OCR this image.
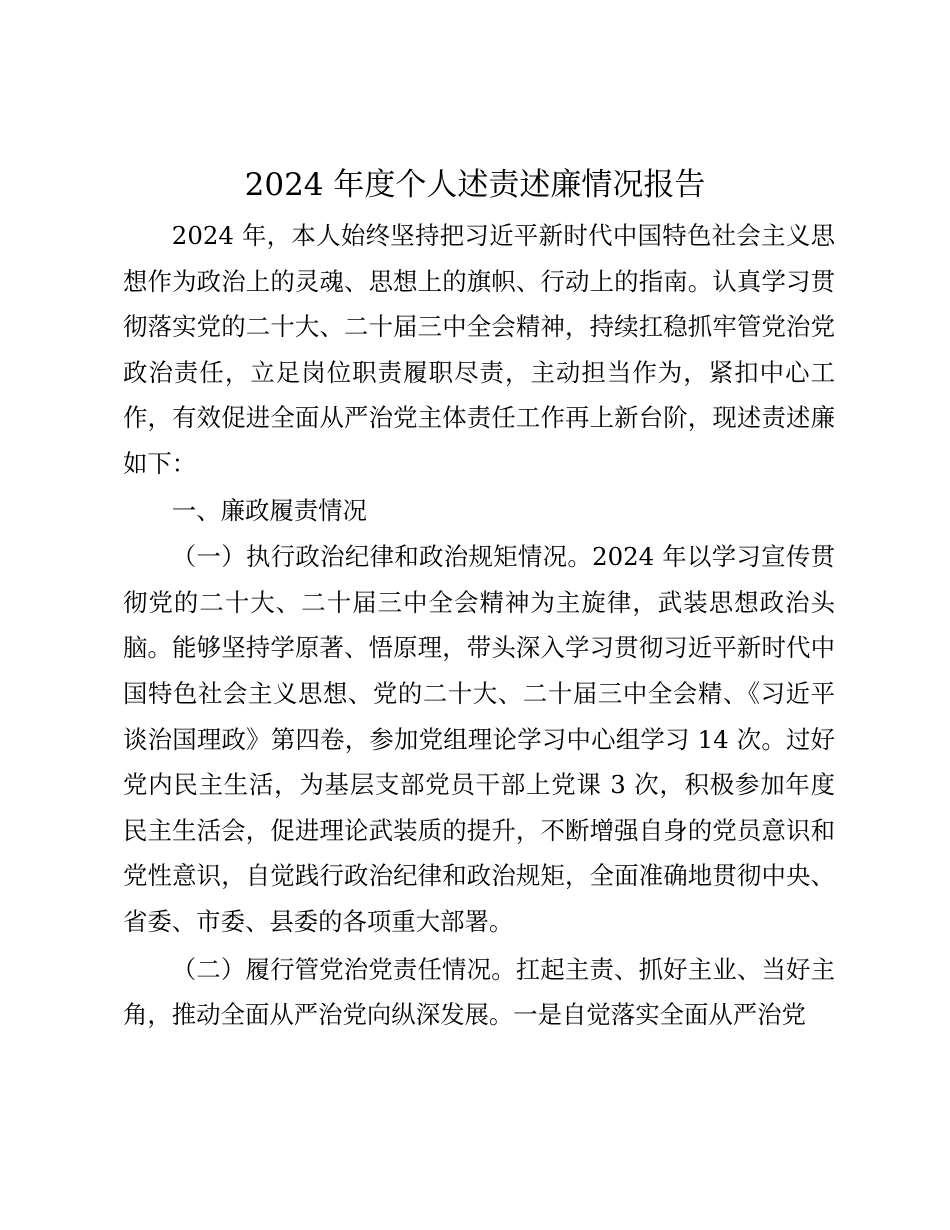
2024 年度个人述责述廉情况报告

2024 年，本人始终坚持把习近平新时代中国特色社会主义思想作为政治上的灵魂、思想上的旗帜、行动上的指南。认真学习贯彻落实党的二十大、二十届三中全会精神，持续扛稳抓牢管党治党政治责任，立足岗位职责履职尽责，主动担当作为，紧扣中心工作，有效促进全面从严治党主体责任工作再上新台阶，现述责述廉如下：

一、廉政履责情况

（一）执行政治纪律和政治规矩情况。2024 年以学习宣传贯彻党的二十大、二十届三中全会精神为主旋律，武装思想政治头脑。能够坚持学原著、悟原理，带头深入学习贯彻习近平新时代中国特色社会主义思想、党的二十大、二十届三中全会精、《习近平谈治国理政》第四卷，参加党组理论学习中心组学习 14 次。过好党内民主生活，为基层支部党员干部上党课 3 次，积极参加年度民主生活会，促进理论武装质的提升，不断增强自身的党员意识和党性意识，自觉践行政治纪律和政治规矩，全面准确地贯彻中央、省委、市委、县委的各项重大部署。

（二）履行管党治党责任情况。扛起主责、抓好主业、当好主角，推动全面从严治党向纵深发展。一是自觉落实全面从严治党
